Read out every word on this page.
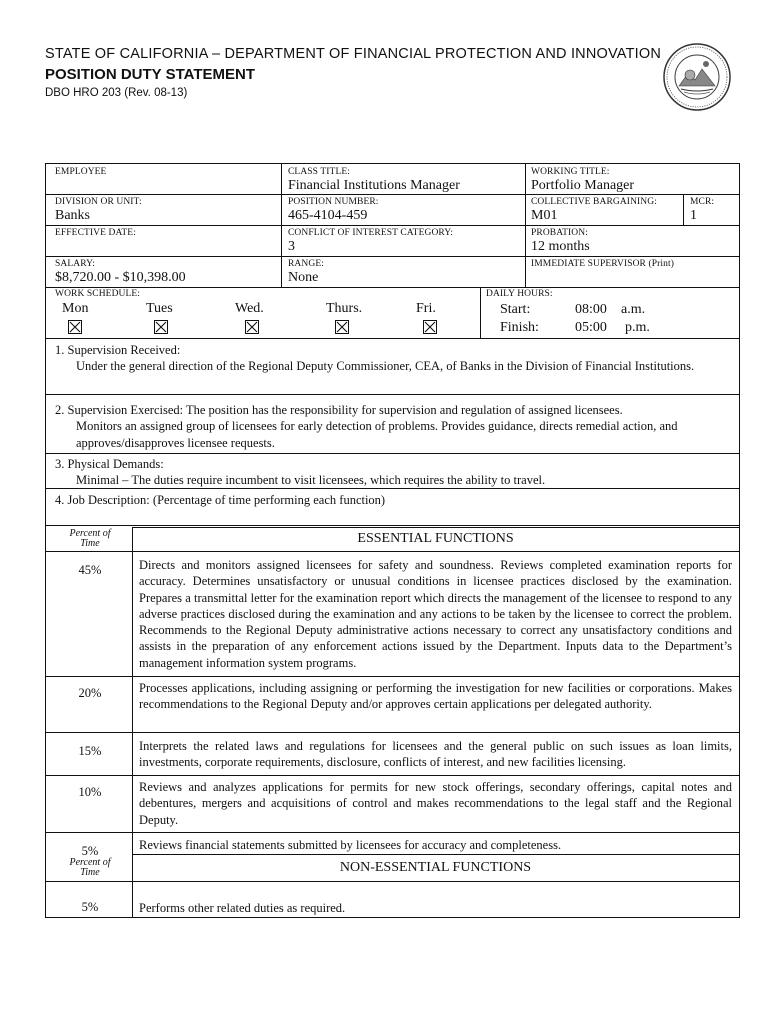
STATE OF CALIFORNIA – DEPARTMENT OF FINANCIAL PROTECTION AND INNOVATION
POSITION DUTY STATEMENT
DBO HRO 203 (Rev. 08-13)
EMPLOYEE	CLASS TITLE:
Financial Institutions Manager
WORKING TITLE:
Portfolio Manager
DIVISION OR UNIT:
Banks
POSITION NUMBER:
465-4104-459
COLLECTIVE BARGAINING:
M01
MCR:
1
EFFECTIVE DATE:	CONFLICT OF INTEREST CATEGORY:
3
PROBATION:
12 months
SALARY:
$8,720.00 - $10,398.00
RANGE:
None
IMMEDIATE SUPERVISOR (Print)
WORK SCHEDULE:
Mon	Tues	Wed.	Thurs.	Fri.
DAILY HOURS:
Start:	08:00 a.m.
Finish:	05:00 p.m.
1. Supervision Received:
Under the general direction of the Regional Deputy Commissioner, CEA, of Banks in the Division of Financial Institutions.
2. Supervision Exercised: The position has the responsibility for supervision and regulation of assigned licensees.
Monitors an assigned group of licensees for early detection of problems. Provides guidance, directs remedial action, and approves/disapproves licensee requests.
3. Physical Demands:
Minimal – The duties require incumbent to visit licensees, which requires the ability to travel.
4. Job Description: (Percentage of time performing each function)
Percent of
Time	ESSENTIAL FUNCTIONS
45%	Directs and monitors assigned licensees for safety and soundness. Reviews completed examination reports for accuracy. Determines unsatisfactory or unusual conditions in licensee practices disclosed by the examination. Prepares a transmittal letter for the examination report which directs the management of the licensee to respond to any adverse practices disclosed during the examination and any actions to be taken by the licensee to correct the problem. Recommends to the Regional Deputy administrative actions necessary to correct any unsatisfactory conditions and assists in the preparation of any enforcement actions issued by the Department. Inputs data to the Department’s management information system programs.
20%	Processes applications, including assigning or performing the investigation for new facilities or corporations. Makes recommendations to the Regional Deputy and/or approves certain applications per delegated authority.
15%	Interprets the related laws and regulations for licensees and the general public on such issues as loan limits, investments, corporate requirements, disclosure, conflicts of interest, and new facilities licensing.
10%	Reviews and analyzes applications for permits for new stock offerings, secondary offerings, capital notes and debentures, mergers and acquisitions of control and makes recommendations to the legal staff and the Regional Deputy.
5%	Reviews financial statements submitted by licensees for accuracy and completeness.
Percent of
Time	NON-ESSENTIAL FUNCTIONS
5%	Performs other related duties as required.
